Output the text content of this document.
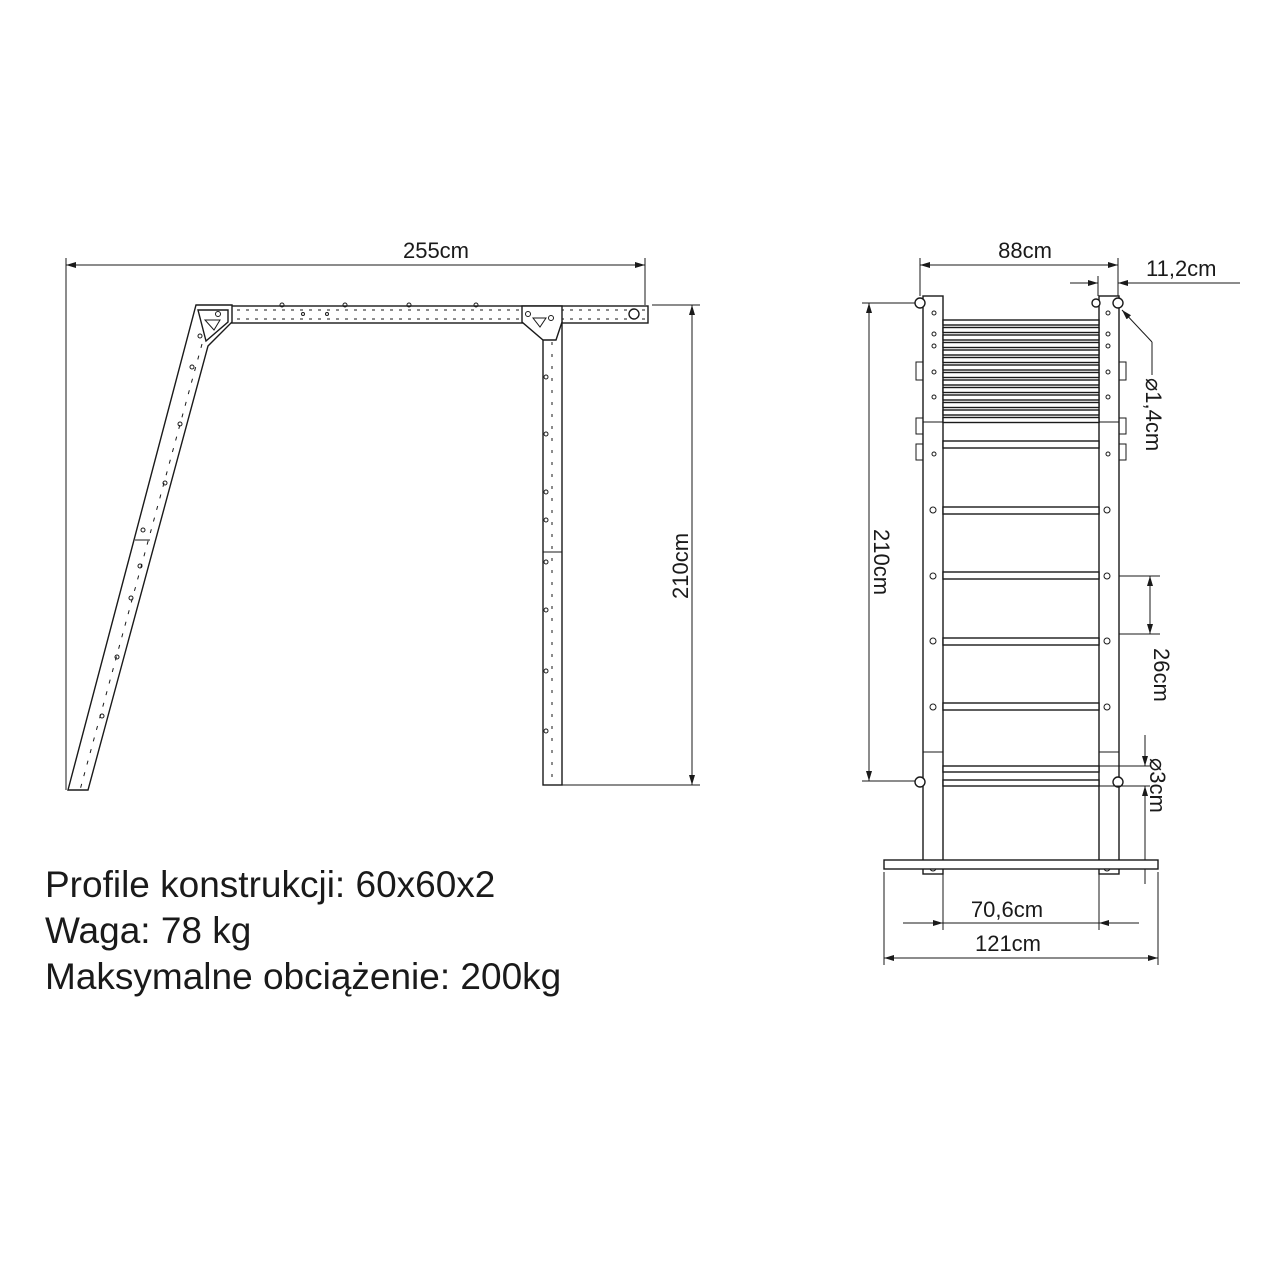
255cm
210cm
88cm
11,2cm
⌀1,4cm
210cm
26cm
⌀3cm
70,6cm
121cm
Profile konstrukcji: 60x60x2
Waga: 78 kg
Maksymalne obciążenie: 200kg
